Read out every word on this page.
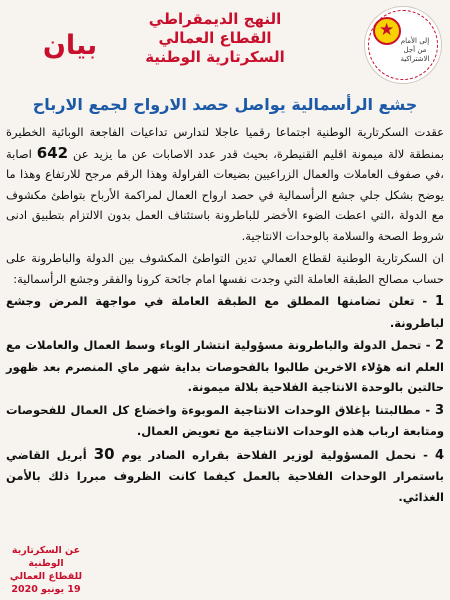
★
إلى الأمام من أجل الاشتراكية
النهج الديمقراطي
القطاع العمالي
السكرتارية الوطنية
بيان
جشع الرأسمالية يواصل حصد الارواح لجمع الارباح

عقدت السكرتارية الوطنية اجتماعا رقميا عاجلا لتدارس تداعيات الفاجعة الوبائية الخطيرة بمنطقة لالة ميمونة اقليم القنيطرة، بحيث قدر عدد الاصابات عن ما يزيد عن 642 اصابة ،في صفوف العاملات والعمال الزراعيين بضيعات الفراولة وهذا الرقم مرجح للارتفاع وهذا ما يوضح بشكل جلي جشع الرأسمالية في حصد ارواح العمال لمراكمة الأرباح بتواطئ مكشوف مع الدولة ،التي اعطت الضوء الأخضر للباطرونة باستئناف العمل بدون الالتزام بتطبيق ادنى شروط الصحة والسلامة بالوحدات الانتاجية.

ان السكرتارية الوطنية لقطاع العمالي تدين التواطئ المكشوف بين الدولة والباطرونة على حساب مصالح الطبقة العاملة التي وجدت نفسها امام جائحة كرونا والفقر وجشع الرأسمالية:

1 - تعلن تضامنها المطلق مع الطبقة العاملة في مواجهة المرض وجشع لباطرونة.

2 - تحمل الدولة والباطرونة مسؤولية انتشار الوباء وسط العمال والعاملات مع العلم انه هؤلاء الاخرين طالبوا بالفحوصات بداية شهر ماي المنصرم بعد ظهور حالتين بالوحدة الانتاجية الفلاحية بلالة ميمونة.

3 - مطالبتنا بإغلاق الوحدات الانتاجية الموبوءة واخضاع كل العمال للفحوصات ومتابعة ارباب هذه الوحدات الانتاجية مع تعويض العمال.

4 - نحمل المسؤولية لوزير الفلاحة بقراره الصادر يوم 30 أبريل القاضي باستمرار الوحدات الفلاحية بالعمل كيفما كانت الظروف مبررا ذلك بالأمن الغذائي.

عن السكرتارية الوطنية
للقطاع العمالي
19 يونيو 2020
